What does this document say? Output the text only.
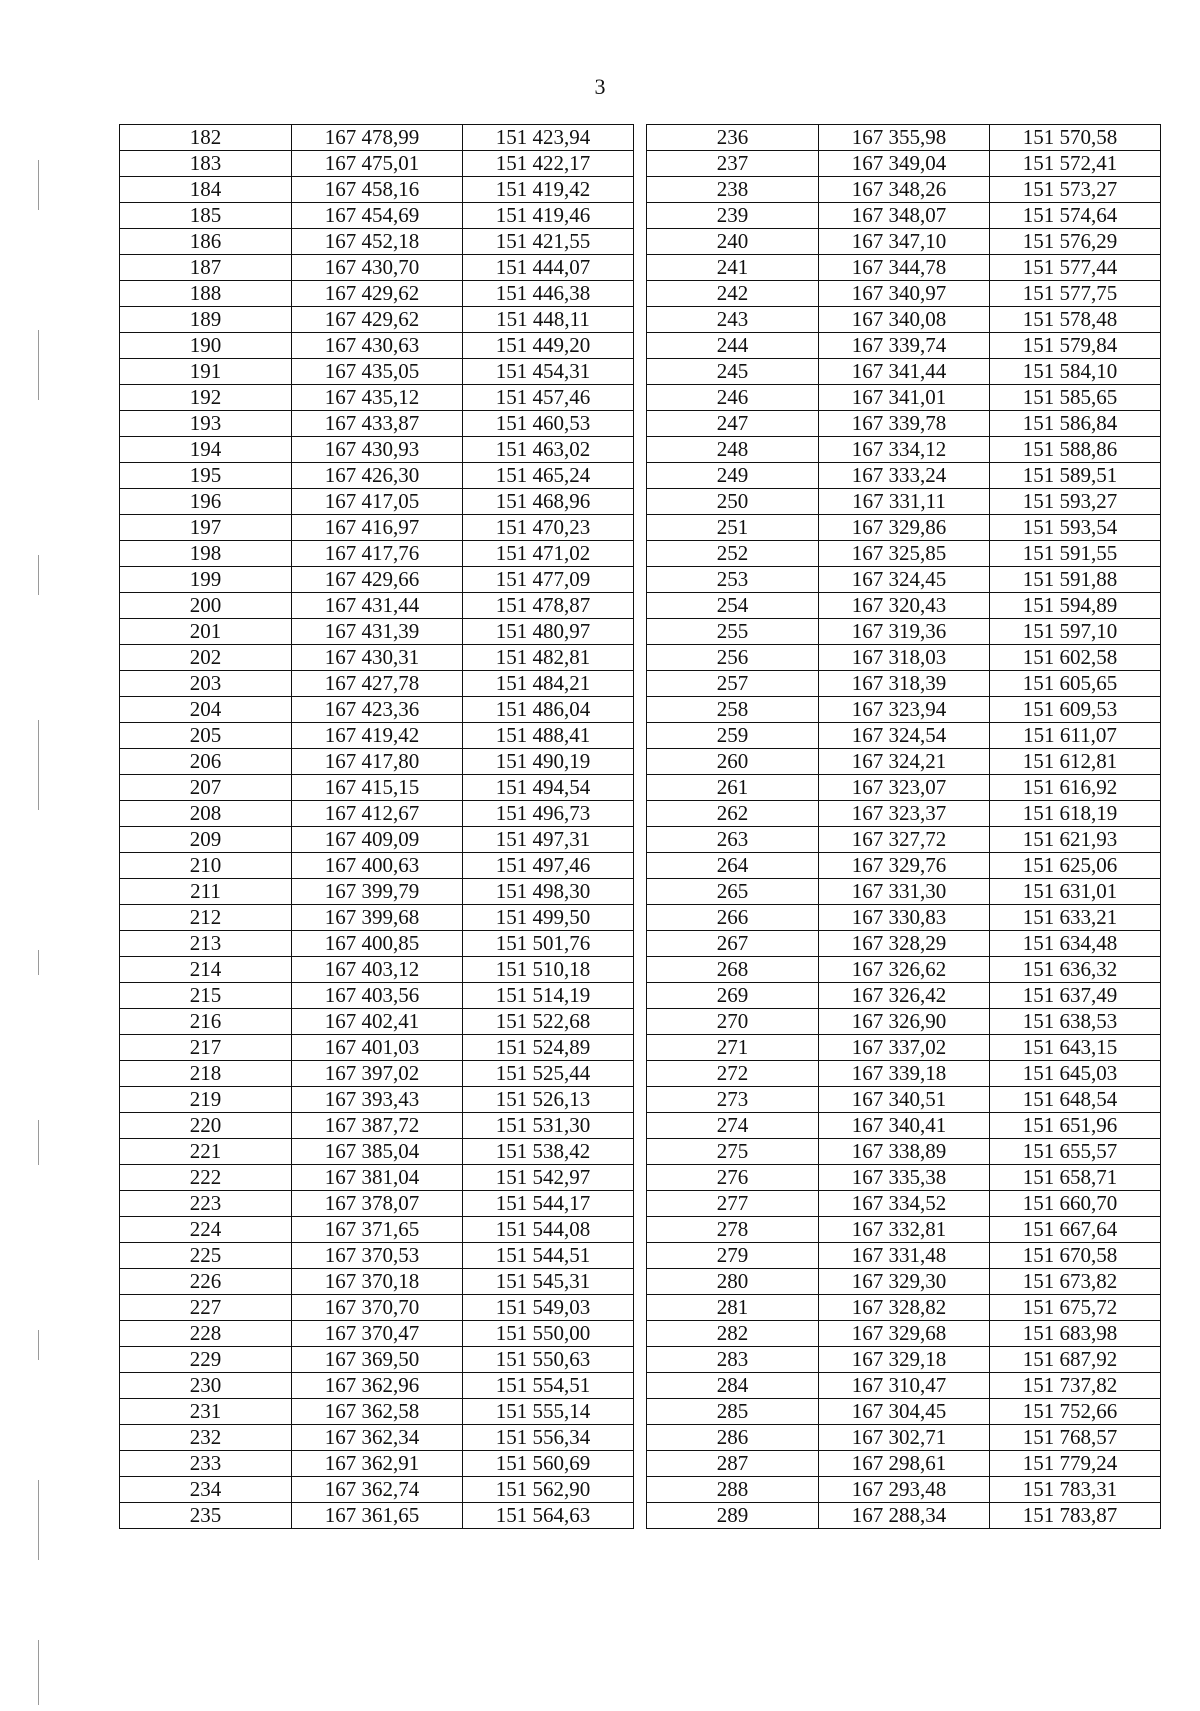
3
182	167 478,99	151 423,94
183	167 475,01	151 422,17
184	167 458,16	151 419,42
185	167 454,69	151 419,46
186	167 452,18	151 421,55
187	167 430,70	151 444,07
188	167 429,62	151 446,38
189	167 429,62	151 448,11
190	167 430,63	151 449,20
191	167 435,05	151 454,31
192	167 435,12	151 457,46
193	167 433,87	151 460,53
194	167 430,93	151 463,02
195	167 426,30	151 465,24
196	167 417,05	151 468,96
197	167 416,97	151 470,23
198	167 417,76	151 471,02
199	167 429,66	151 477,09
200	167 431,44	151 478,87
201	167 431,39	151 480,97
202	167 430,31	151 482,81
203	167 427,78	151 484,21
204	167 423,36	151 486,04
205	167 419,42	151 488,41
206	167 417,80	151 490,19
207	167 415,15	151 494,54
208	167 412,67	151 496,73
209	167 409,09	151 497,31
210	167 400,63	151 497,46
211	167 399,79	151 498,30
212	167 399,68	151 499,50
213	167 400,85	151 501,76
214	167 403,12	151 510,18
215	167 403,56	151 514,19
216	167 402,41	151 522,68
217	167 401,03	151 524,89
218	167 397,02	151 525,44
219	167 393,43	151 526,13
220	167 387,72	151 531,30
221	167 385,04	151 538,42
222	167 381,04	151 542,97
223	167 378,07	151 544,17
224	167 371,65	151 544,08
225	167 370,53	151 544,51
226	167 370,18	151 545,31
227	167 370,70	151 549,03
228	167 370,47	151 550,00
229	167 369,50	151 550,63
230	167 362,96	151 554,51
231	167 362,58	151 555,14
232	167 362,34	151 556,34
233	167 362,91	151 560,69
234	167 362,74	151 562,90
235	167 361,65	151 564,63
236	167 355,98	151 570,58
237	167 349,04	151 572,41
238	167 348,26	151 573,27
239	167 348,07	151 574,64
240	167 347,10	151 576,29
241	167 344,78	151 577,44
242	167 340,97	151 577,75
243	167 340,08	151 578,48
244	167 339,74	151 579,84
245	167 341,44	151 584,10
246	167 341,01	151 585,65
247	167 339,78	151 586,84
248	167 334,12	151 588,86
249	167 333,24	151 589,51
250	167 331,11	151 593,27
251	167 329,86	151 593,54
252	167 325,85	151 591,55
253	167 324,45	151 591,88
254	167 320,43	151 594,89
255	167 319,36	151 597,10
256	167 318,03	151 602,58
257	167 318,39	151 605,65
258	167 323,94	151 609,53
259	167 324,54	151 611,07
260	167 324,21	151 612,81
261	167 323,07	151 616,92
262	167 323,37	151 618,19
263	167 327,72	151 621,93
264	167 329,76	151 625,06
265	167 331,30	151 631,01
266	167 330,83	151 633,21
267	167 328,29	151 634,48
268	167 326,62	151 636,32
269	167 326,42	151 637,49
270	167 326,90	151 638,53
271	167 337,02	151 643,15
272	167 339,18	151 645,03
273	167 340,51	151 648,54
274	167 340,41	151 651,96
275	167 338,89	151 655,57
276	167 335,38	151 658,71
277	167 334,52	151 660,70
278	167 332,81	151 667,64
279	167 331,48	151 670,58
280	167 329,30	151 673,82
281	167 328,82	151 675,72
282	167 329,68	151 683,98
283	167 329,18	151 687,92
284	167 310,47	151 737,82
285	167 304,45	151 752,66
286	167 302,71	151 768,57
287	167 298,61	151 779,24
288	167 293,48	151 783,31
289	167 288,34	151 783,87
